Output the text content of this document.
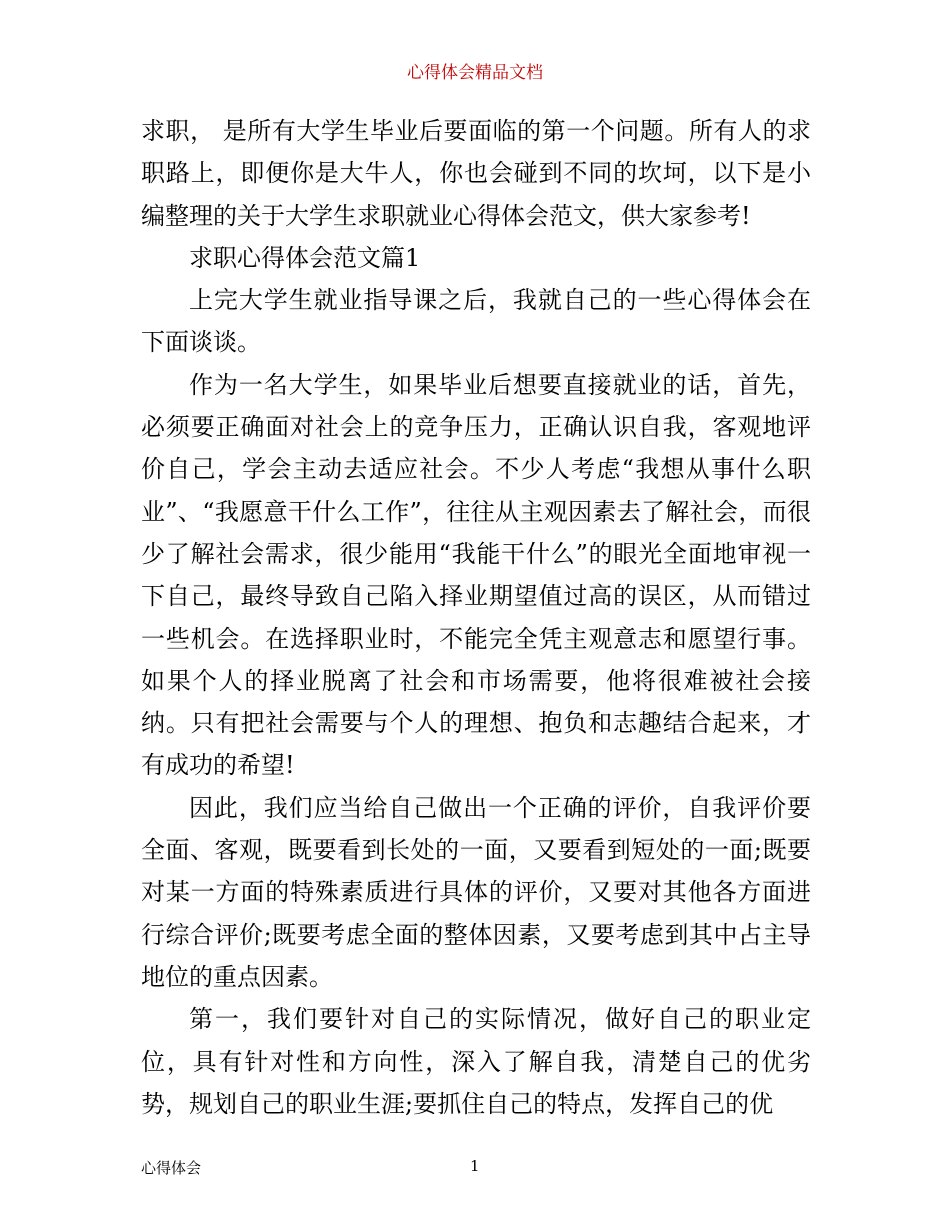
心得体会精品文档

求职， 是所有大学生毕业后要面临的第一个问题。所有人的求职路上，即便你是大牛人，你也会碰到不同的坎坷，以下是小编整理的关于大学生求职就业心得体会范文，供大家参考!

求职心得体会范文篇1

上完大学生就业指导课之后，我就自己的一些心得体会在下面谈谈。

作为一名大学生，如果毕业后想要直接就业的话，首先，必须要正确面对社会上的竞争压力，正确认识自我，客观地评价自己，学会主动去适应社会。不少人考虑“我想从事什么职业”、“我愿意干什么工作”，往往从主观因素去了解社会，而很少了解社会需求，很少能用“我能干什么”的眼光全面地审视一下自己，最终导致自己陷入择业期望值过高的误区，从而错过一些机会。在选择职业时，不能完全凭主观意志和愿望行事。如果个人的择业脱离了社会和市场需要，他将很难被社会接纳。只有把社会需要与个人的理想、抱负和志趣结合起来，才有成功的希望!

因此，我们应当给自己做出一个正确的评价，自我评价要全面、客观，既要看到长处的一面，又要看到短处的一面;既要对某一方面的特殊素质进行具体的评价，又要对其他各方面进行综合评价;既要考虑全面的整体因素，又要考虑到其中占主导地位的重点因素。

第一，我们要针对自己的实际情况，做好自己的职业定位，具有针对性和方向性，深入了解自我，清楚自己的优劣势，规划自己的职业生涯;要抓住自己的特点，发挥自己的优

心得体会	1
